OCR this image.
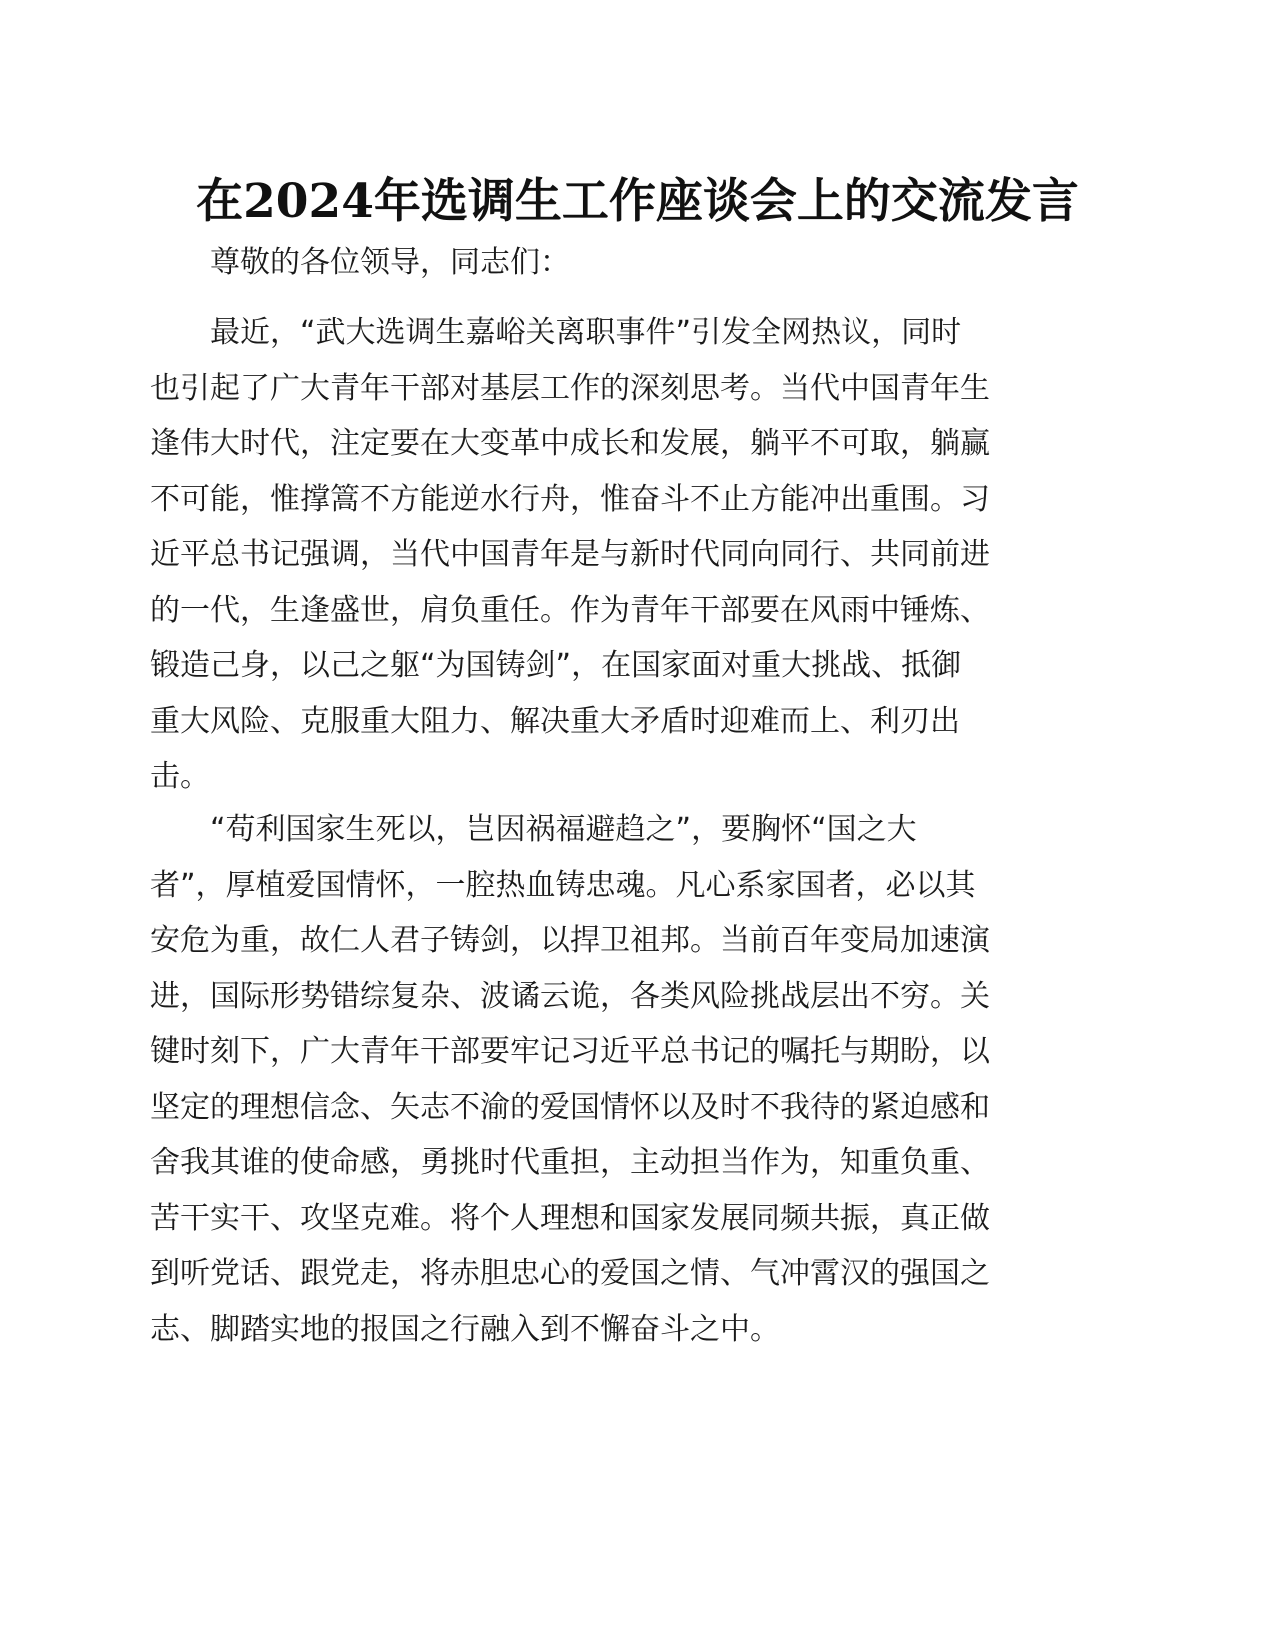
在2024年选调生工作座谈会上的交流发言
尊敬的各位领导，同志们：
最近，“武大选调生嘉峪关离职事件”引发全网热议，同时
也引起了广大青年干部对基层工作的深刻思考。当代中国青年生
逢伟大时代，注定要在大变革中成长和发展，躺平不可取，躺赢
不可能，惟撑篙不方能逆水行舟，惟奋斗不止方能冲出重围。习
近平总书记强调，当代中国青年是与新时代同向同行、共同前进
的一代，生逢盛世，肩负重任。作为青年干部要在风雨中锤炼、
锻造己身，以己之躯“为国铸剑”，在国家面对重大挑战、抵御
重大风险、克服重大阻力、解决重大矛盾时迎难而上、利刃出
击。
“苟利国家生死以，岂因祸福避趋之”，要胸怀“国之大
者”，厚植爱国情怀，一腔热血铸忠魂。凡心系家国者，必以其
安危为重，故仁人君子铸剑，以捍卫祖邦。当前百年变局加速演
进，国际形势错综复杂、波谲云诡，各类风险挑战层出不穷。关
键时刻下，广大青年干部要牢记习近平总书记的嘱托与期盼，以
坚定的理想信念、矢志不渝的爱国情怀以及时不我待的紧迫感和
舍我其谁的使命感，勇挑时代重担，主动担当作为，知重负重、
苦干实干、攻坚克难。将个人理想和国家发展同频共振，真正做
到听党话、跟党走，将赤胆忠心的爱国之情、气冲霄汉的强国之
志、脚踏实地的报国之行融入到不懈奋斗之中。
